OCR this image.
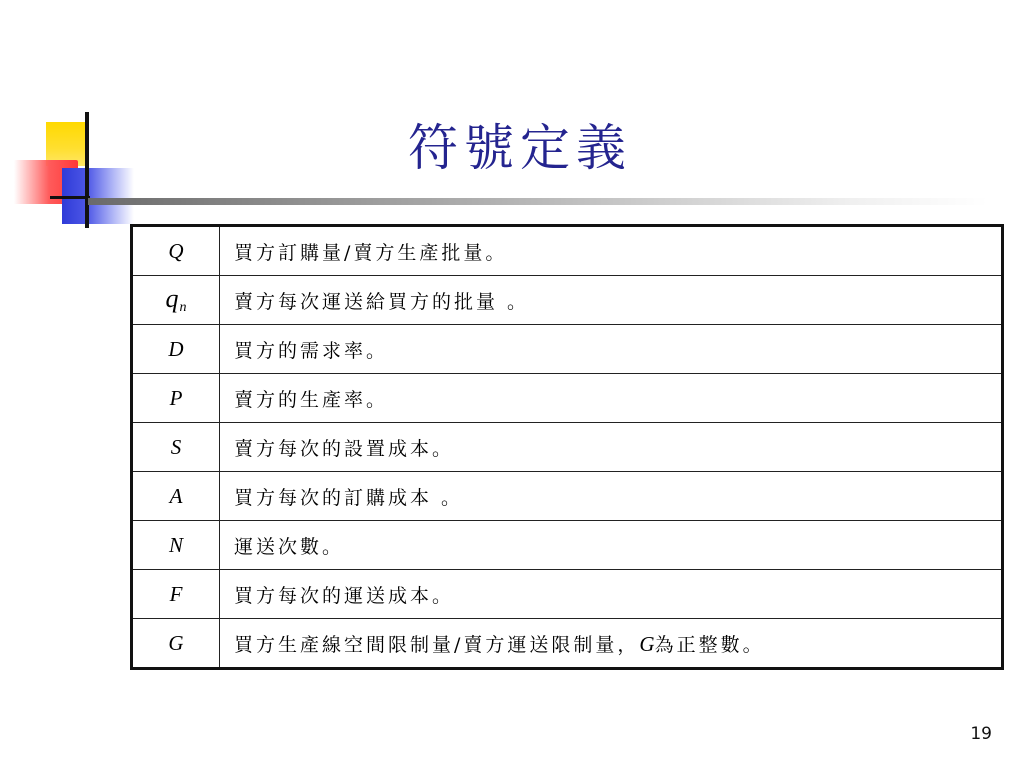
符號定義
Q	買方訂購量/賣方生產批量。
$q_n$	賣方每次運送給買方的批量 。
D	買方的需求率。
P	賣方的生產率。
S	賣方每次的設置成本。
A	買方每次的訂購成本 。
N	運送次數。
F	買方每次的運送成本。
G	買方生產線空間限制量/賣方運送限制量，G為正整數。
19
